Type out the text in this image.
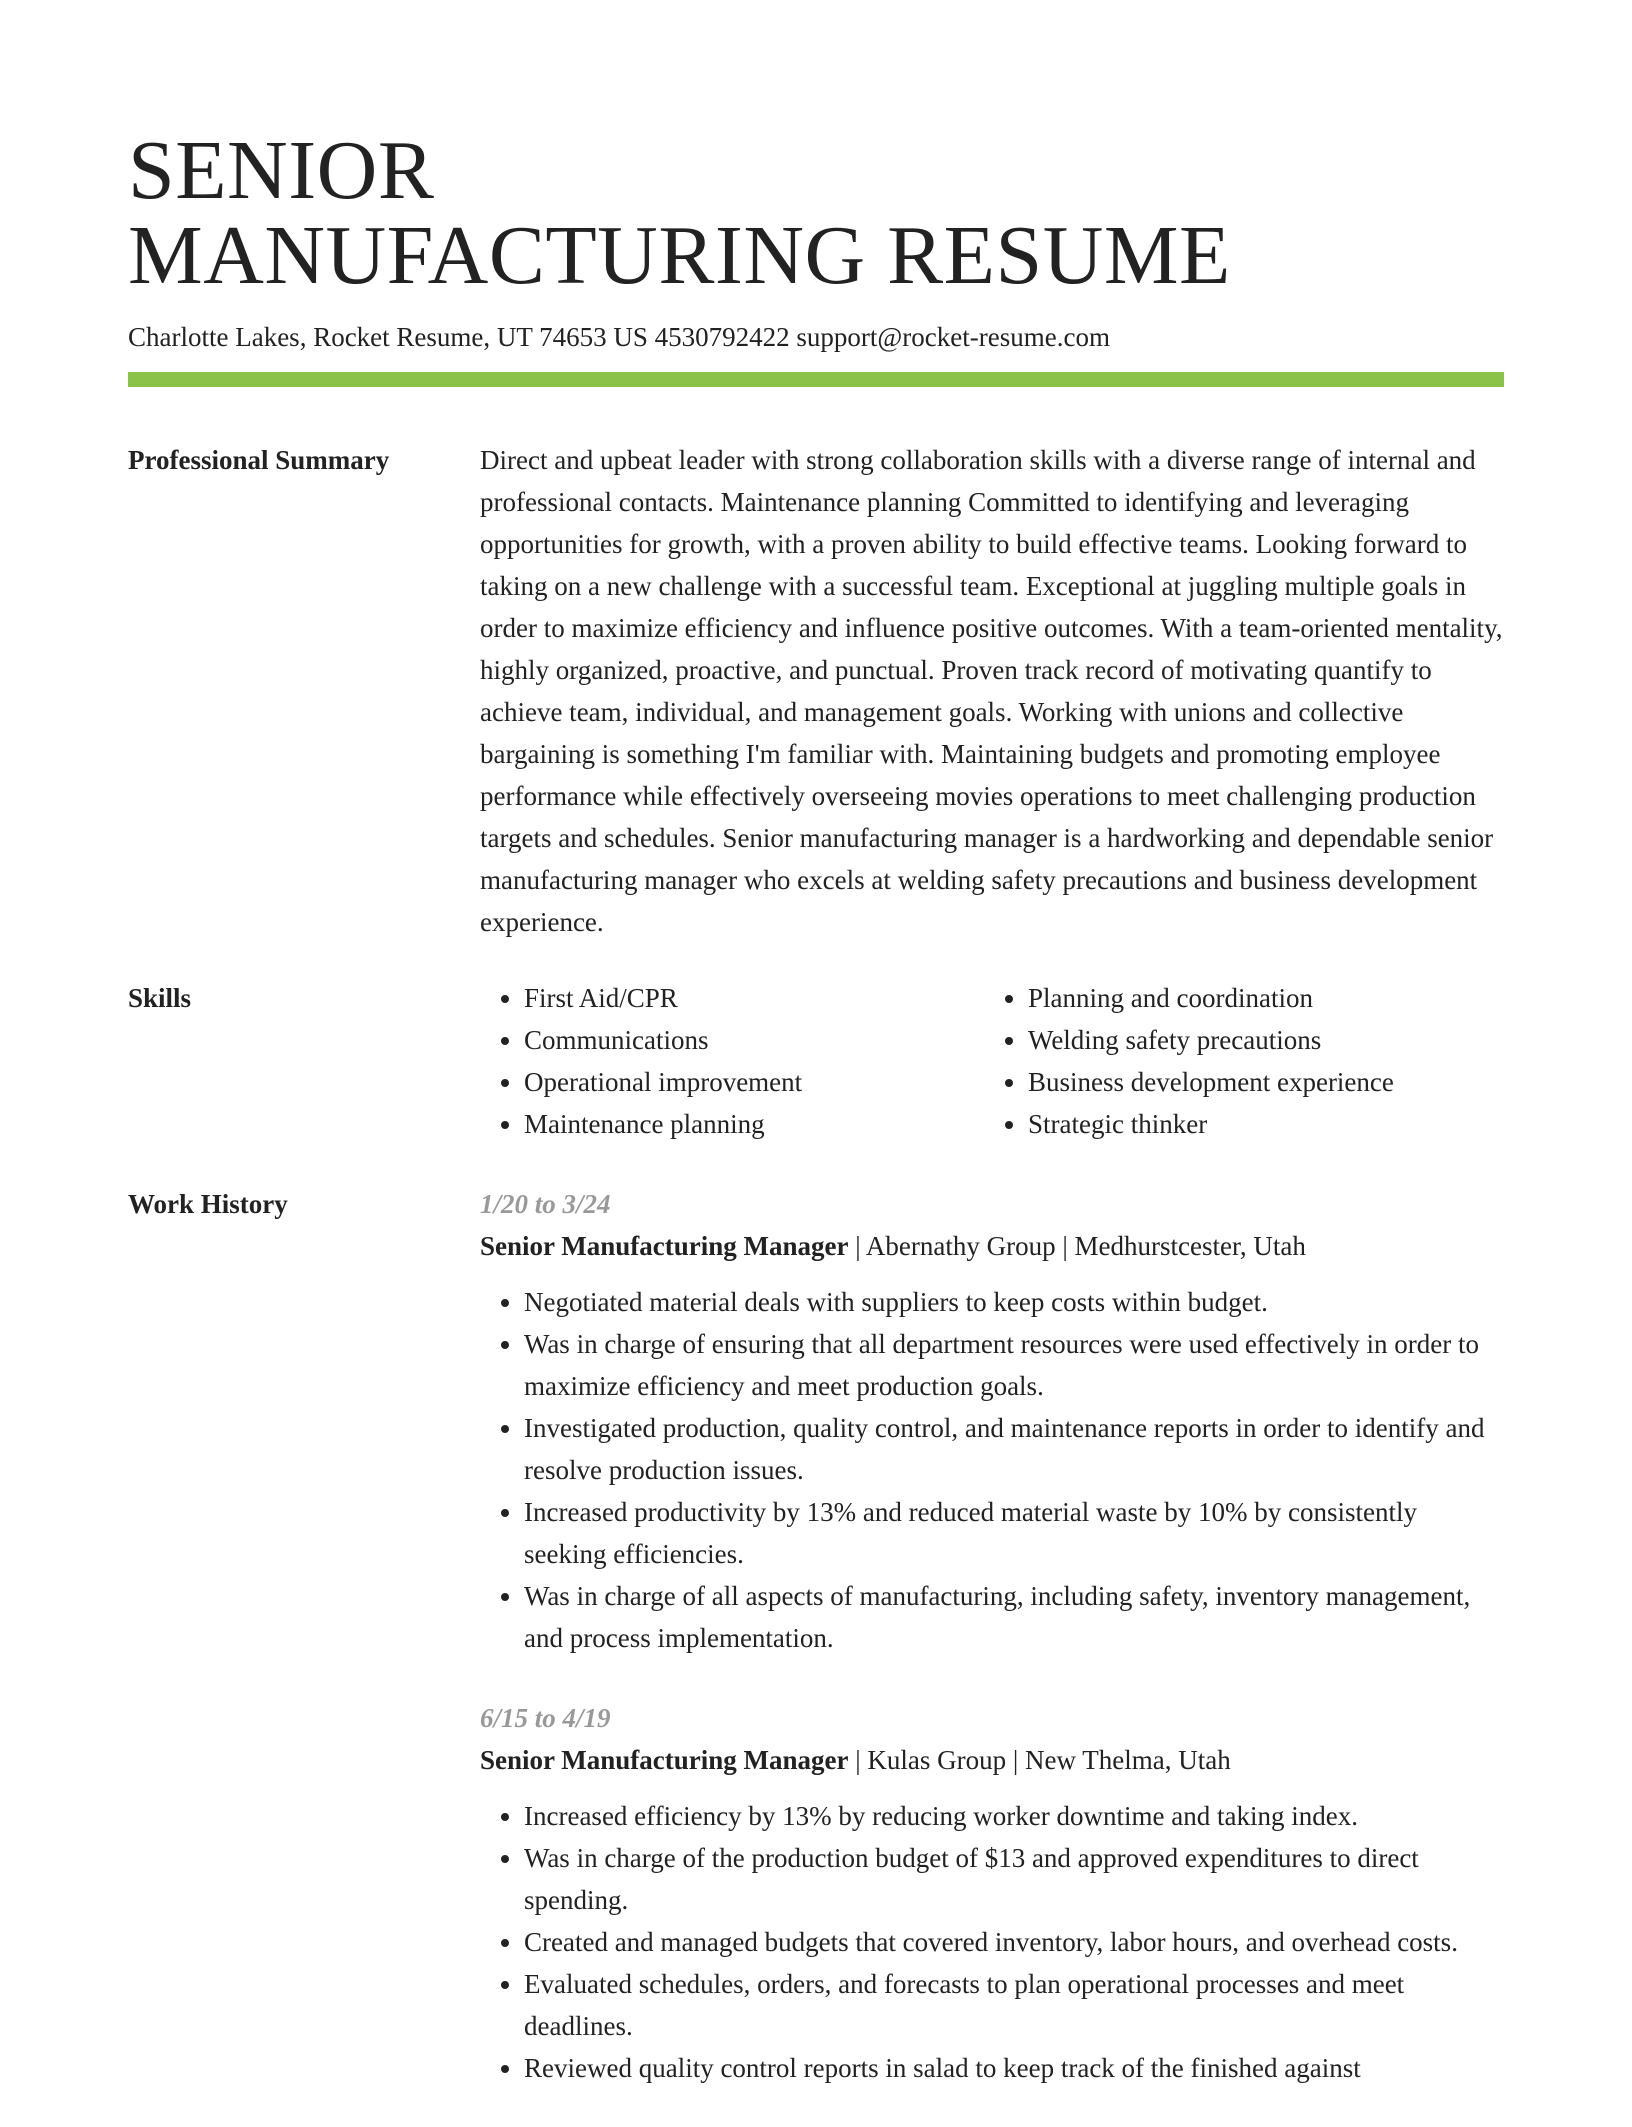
SENIOR
MANUFACTURING RESUME
Charlotte Lakes, Rocket Resume, UT 74653 US 4530792422 support@rocket-resume.com
Professional Summary	Direct and upbeat leader with strong collaboration skills with a diverse range of internal and professional contacts. Maintenance planning Committed to identifying and leveraging opportunities for growth, with a proven ability to build effective teams. Looking forward to taking on a new challenge with a successful team. Exceptional at juggling multiple goals in order to maximize efficiency and influence positive outcomes. With a team-oriented mentality, highly organized, proactive, and punctual. Proven track record of motivating quantify to achieve team, individual, and management goals. Working with unions and collective bargaining is something I'm familiar with. Maintaining budgets and promoting employee performance while effectively overseeing movies operations to meet challenging production targets and schedules. Senior manufacturing manager is a hardworking and dependable senior manufacturing manager who excels at welding safety precautions and business development experience.

Skills
•	First Aid/CPR
• Communications
• Operational improvement
• Maintenance planning
• Planning and coordination
• Welding safety precautions
• Business development experience
• Strategic thinker
Work History	1/20 to 3/24
Senior Manufacturing Manager | Abernathy Group | Medhurstcester, Utah
• Negotiated material deals with suppliers to keep costs within budget.
• Was in charge of ensuring that all department resources were used effectively in order to maximize efficiency and meet production goals.
• Investigated production, quality control, and maintenance reports in order to identify and resolve production issues.
• Increased productivity by 13% and reduced material waste by 10% by consistently seeking efficiencies.
• Was in charge of all aspects of manufacturing, including safety, inventory management, and process implementation.
6/15 to 4/19
Senior Manufacturing Manager | Kulas Group | New Thelma, Utah
• Increased efficiency by 13% by reducing worker downtime and taking index.
• Was in charge of the production budget of $13 and approved expenditures to direct spending.
• Created and managed budgets that covered inventory, labor hours, and overhead costs.
• Evaluated schedules, orders, and forecasts to plan operational processes and meet deadlines.
• Reviewed quality control reports in salad to keep track of the finished against
